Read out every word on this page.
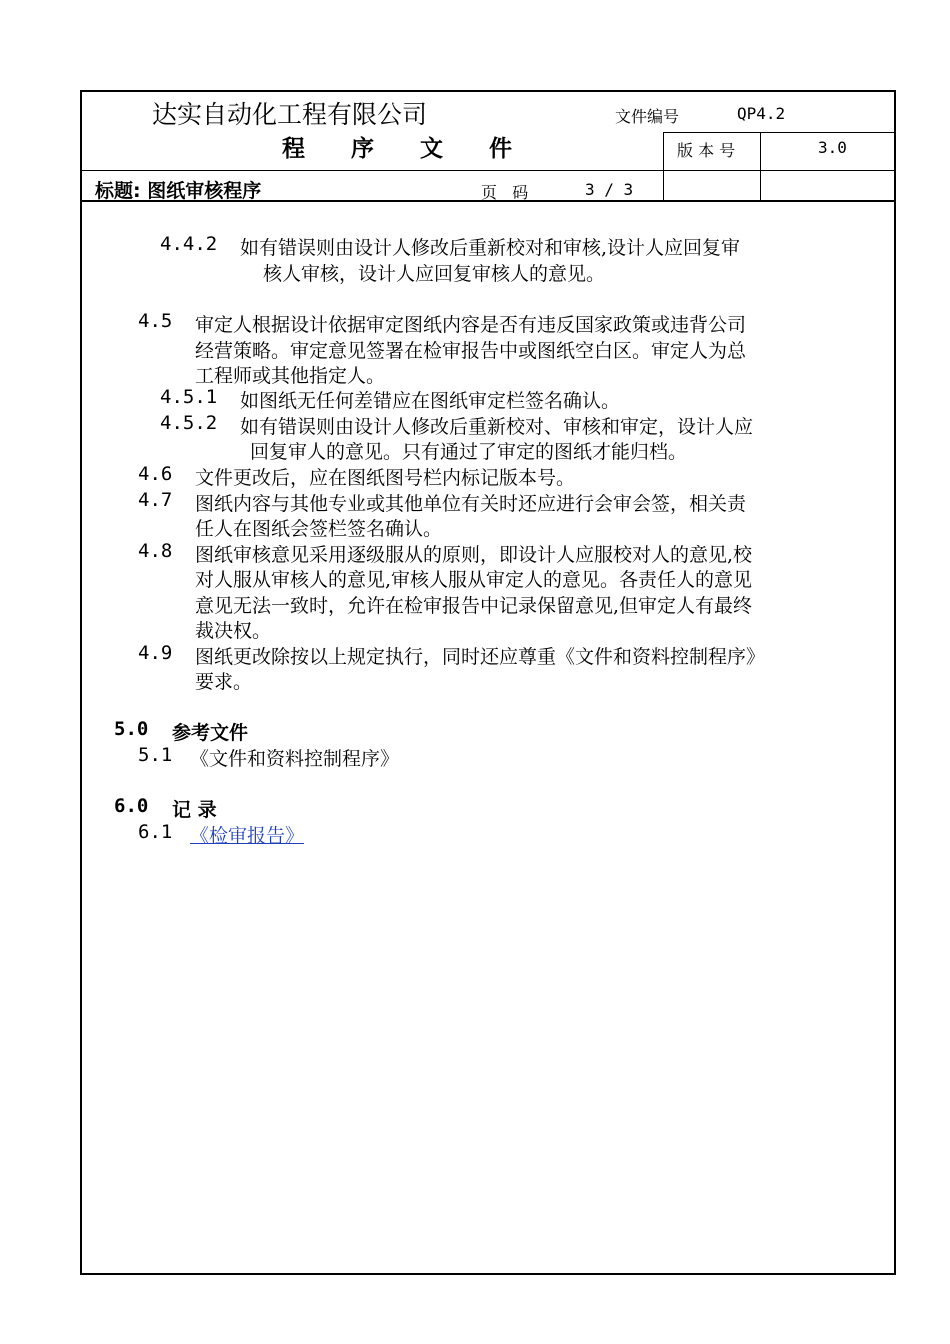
达实自动化工程有限公司
程 序 文 件
文件编号	QP4.2
版 本 号	3.0
标题: 图纸审核程序	页   码	3 / 3
4.4.2 如有错误则由设计人修改后重新校对和审核,设计人应回复审
核人审核，设计人应回复审核人的意见。
4.5 审定人根据设计依据审定图纸内容是否有违反国家政策或违背公司
经营策略。审定意见签署在检审报告中或图纸空白区。审定人为总
工程师或其他指定人。
4.5.1 如图纸无任何差错应在图纸审定栏签名确认。
4.5.2 如有错误则由设计人修改后重新校对、审核和审定，设计人应
回复审人的意见。只有通过了审定的图纸才能归档。
4.6 文件更改后，应在图纸图号栏内标记版本号。
4.7 图纸内容与其他专业或其他单位有关时还应进行会审会签，相关责
任人在图纸会签栏签名确认。
4.8 图纸审核意见采用逐级服从的原则，即设计人应服校对人的意见,校
对人服从审核人的意见,审核人服从审定人的意见。各责任人的意见
意见无法一致时，允许在检审报告中记录保留意见,但审定人有最终
裁决权。
4.9 图纸更改除按以上规定执行，同时还应尊重《文件和资料控制程序》
要求。
5.0 参考文件
5.1 《文件和资料控制程序》
6.0 记 录
6.1 《检审报告》
